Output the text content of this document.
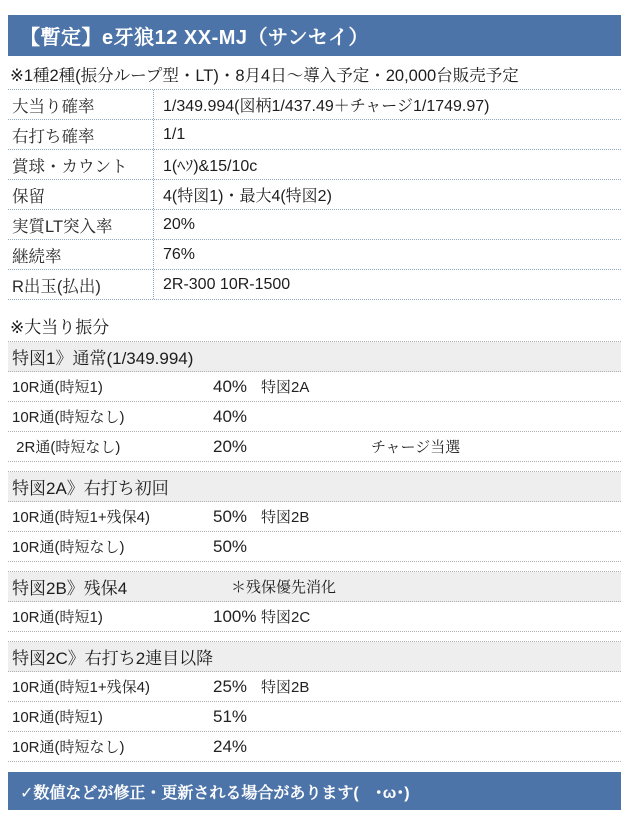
【暫定】e牙狼12 XX-MJ（サンセイ）
※1種2種(振分ループ型・LT)・8月4日～導入予定・20,000台販売予定
大当り確率	1/349.994(図柄1/437.49＋チャージ1/1749.97)
右打ち確率	1/1
賞球・カウント	1(ﾍｿ)&15/10c
保留	4(特図1)・最大4(特図2)
実質LT突入率	20%
継続率	76%
R出玉(払出)	2R-300 10R-1500
※大当り振分
特図1》通常(1/349.994)
10R通(時短1)	40% 特図2A
10R通(時短なし)	40%
2R通(時短なし)	20%	チャージ当選
特図2A》右打ち初回
10R通(時短1+残保4)	50% 特図2B
10R通(時短なし)	50%
特図2B》残保4	＊残保優先消化
10R通(時短1)	100% 特図2C
特図2C》右打ち2連目以降
10R通(時短1+残保4)	25% 特図2B
10R通(時短1)	51%
10R通(時短なし)	24%
✓数値などが修正・更新される場合があります(　･ω･)
